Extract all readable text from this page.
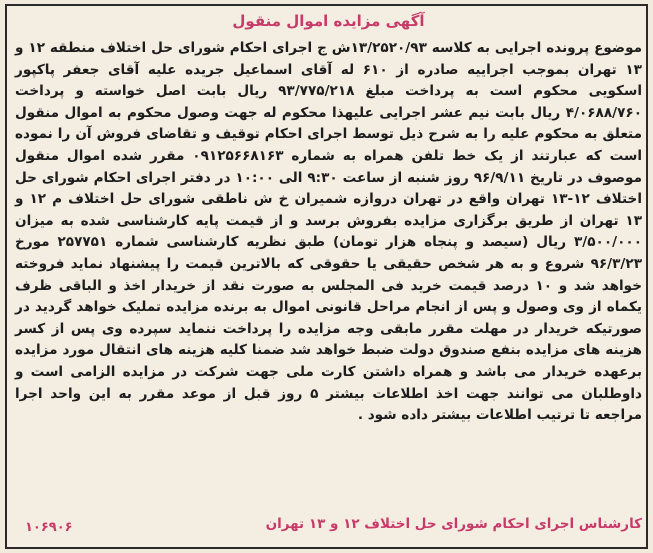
آگهی مزایده اموال منقول

موضوع پرونده اجرایی به کلاسه ۱۳/۲۵۲۰/۹۳ش ج اجرای احکام شورای حل اختلاف منطقه ۱۲ و ۱۳ تهران بموجب اجراییه صادره از ۶۱۰ له آقای اسماعیل جریده علیه آقای جعفر پاکپور اسکویی محکوم است به پرداخت مبلغ ۹۳/۷۷۵/۲۱۸ ریال بابت اصل خواسته و پرداخت ۴/۰۶۸۸/۷۶۰ ریال بابت نیم عشر اجرایی علیهذا محکوم له جهت وصول محکوم به اموال منقول متعلق به محکوم علیه را به شرح ذیل توسط اجرای احکام توقیف و تقاضای فروش آن را نموده است که عبارتند از یک خط تلفن همراه به شماره ۰۹۱۲۵۶۶۸۱۶۳ مقرر شده اموال منقول موصوف در تاریخ ۹۶/۹/۱۱ روز شنبه از ساعت ۹:۳۰ الی ۱۰:۰۰ در دفتر اجرای احکام شورای حل اختلاف ۱۲-۱۳ تهران واقع در تهران دروازه شمیران خ ش ناطقی شورای حل اختلاف م ۱۲ و ۱۳ تهران از طریق برگزاری مزایده بفروش برسد و از قیمت پایه کارشناسی شده به میزان ۳/۵۰۰/۰۰۰ ریال (سیصد و پنجاه هزار تومان) طبق نظریه کارشناسی شماره ۲۵۷۷۵۱ مورخ ۹۶/۳/۲۳ شروع و به هر شخص حقیقی یا حقوقی که بالاترین قیمت را پیشنهاد نماید فروخته خواهد شد و ۱۰ درصد قیمت خرید فی المجلس به صورت نقد از خریدار اخذ و الباقی ظرف یکماه از وی وصول و پس از انجام مراحل قانونی اموال به برنده مزایده تملیک خواهد گردید در صورتیکه خریدار در مهلت مقرر مابقی وجه مزایده را پرداخت ننماید سپرده وی پس از کسر هزینه های مزایده بنفع صندوق دولت ضبط خواهد شد ضمنا کلیه هزینه های انتقال مورد مزایده برعهده خریدار می باشد و همراه داشتن کارت ملی جهت شرکت در مزایده الزامی است و داوطلبان می توانند جهت اخذ اطلاعات بیشتر ۵ روز قبل از موعد مقرر به این واحد اجرا مراجعه تا ترتیب اطلاعات بیشتر داده شود .

کارشناس اجرای احکام شورای حل اختلاف ۱۲ و ۱۳ تهران
۱۰۶۹۰۶
